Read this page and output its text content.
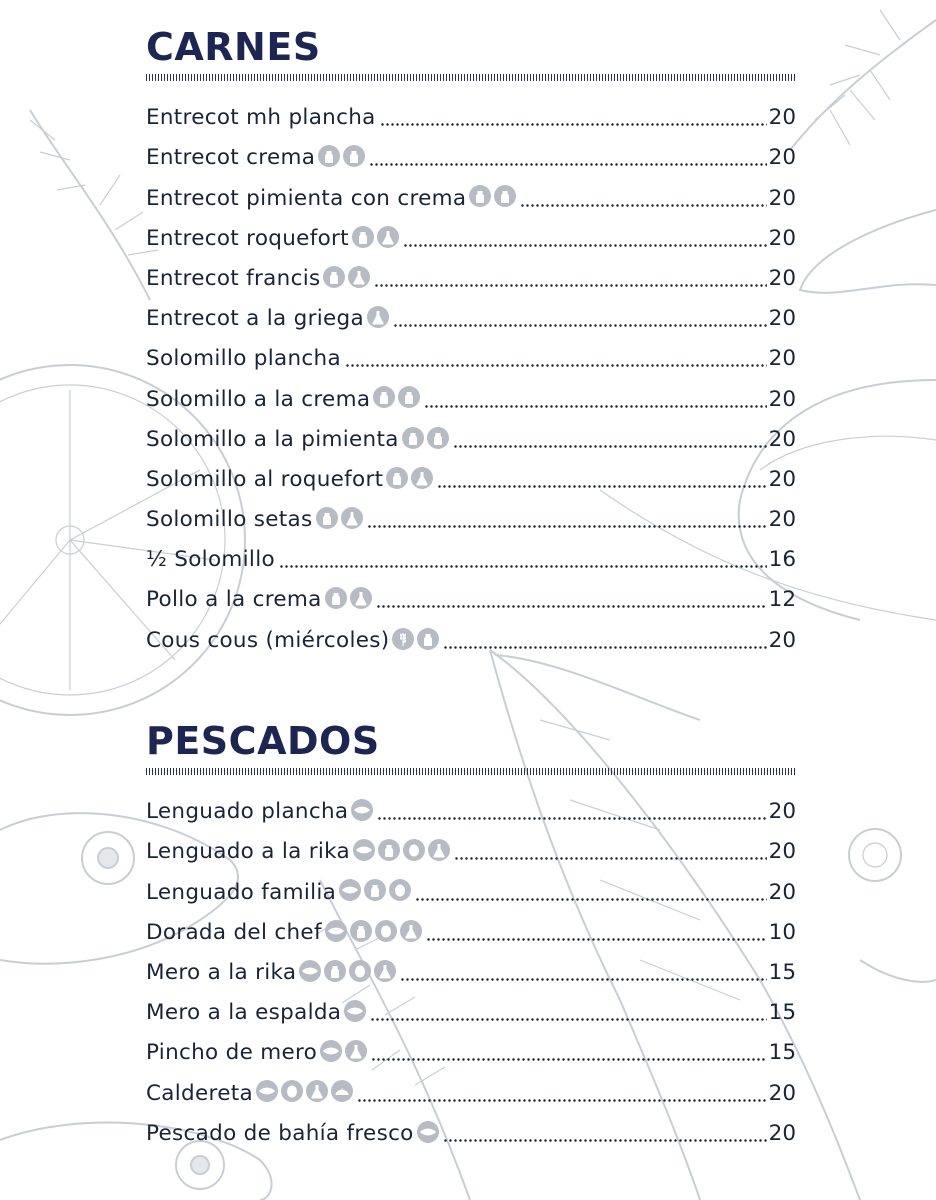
CARNES
Entrecot mh plancha	20
Entrecot crema	20
Entrecot pimienta con crema	20
Entrecot roquefort	20
Entrecot francis	20
Entrecot a la griega	20
Solomillo plancha	20
Solomillo a la crema	20
Solomillo a la pimienta	20
Solomillo al roquefort	20
Solomillo setas	20
½ Solomillo	16
Pollo a la crema	12
Cous cous (miércoles)	20
PESCADOS
Lenguado plancha	20
Lenguado a la rika	20
Lenguado familia	20
Dorada del chef	10
Mero a la rika	15
Mero a la espalda	15
Pincho de mero	15
Caldereta	20
Pescado de bahía fresco	20
